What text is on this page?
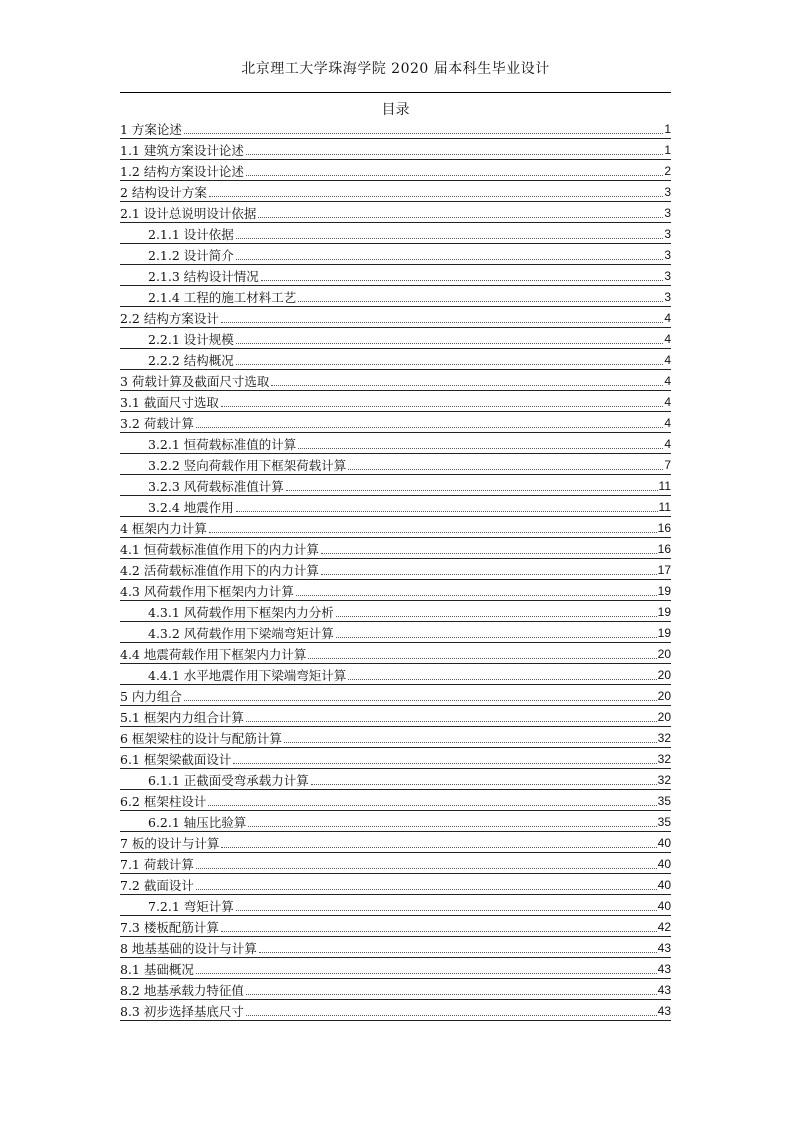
北京理工大学珠海学院 2020 届本科生毕业设计
目录
1 方案论述	1
1.1 建筑方案设计论述	1
1.2 结构方案设计论述	2
2 结构设计方案	3
2.1 设计总说明设计依据	3
2.1.1 设计依据	3
2.1.2 设计简介	3
2.1.3 结构设计情况	3
2.1.4 工程的施工材料工艺	3
2.2 结构方案设计	4
2.2.1 设计规模	4
2.2.2 结构概况	4
3 荷载计算及截面尺寸选取	4
3.1 截面尺寸选取	4
3.2 荷载计算	4
3.2.1 恒荷载标准值的计算	4
3.2.2 竖向荷载作用下框架荷载计算	7
3.2.3 风荷载标准值计算	11
3.2.4 地震作用	11
4 框架内力计算	16
4.1 恒荷载标准值作用下的内力计算	16
4.2 活荷载标准值作用下的内力计算	17
4.3 风荷载作用下框架内力计算	19
4.3.1 风荷载作用下框架内力分析	19
4.3.2 风荷载作用下梁端弯矩计算	19
4.4 地震荷载作用下框架内力计算	20
4.4.1 水平地震作用下梁端弯矩计算	20
5 内力组合	20
5.1 框架内力组合计算	20
6 框架梁柱的设计与配筋计算	32
6.1 框架梁截面设计	32
6.1.1 正截面受弯承载力计算	32
6.2 框架柱设计	35
6.2.1 轴压比验算	35
7 板的设计与计算	40
7.1 荷载计算	40
7.2 截面设计	40
7.2.1 弯矩计算	40
7.3 楼板配筋计算	42
8 地基基础的设计与计算	43
8.1 基础概况	43
8.2 地基承载力特征值	43
8.3 初步选择基底尺寸	43
